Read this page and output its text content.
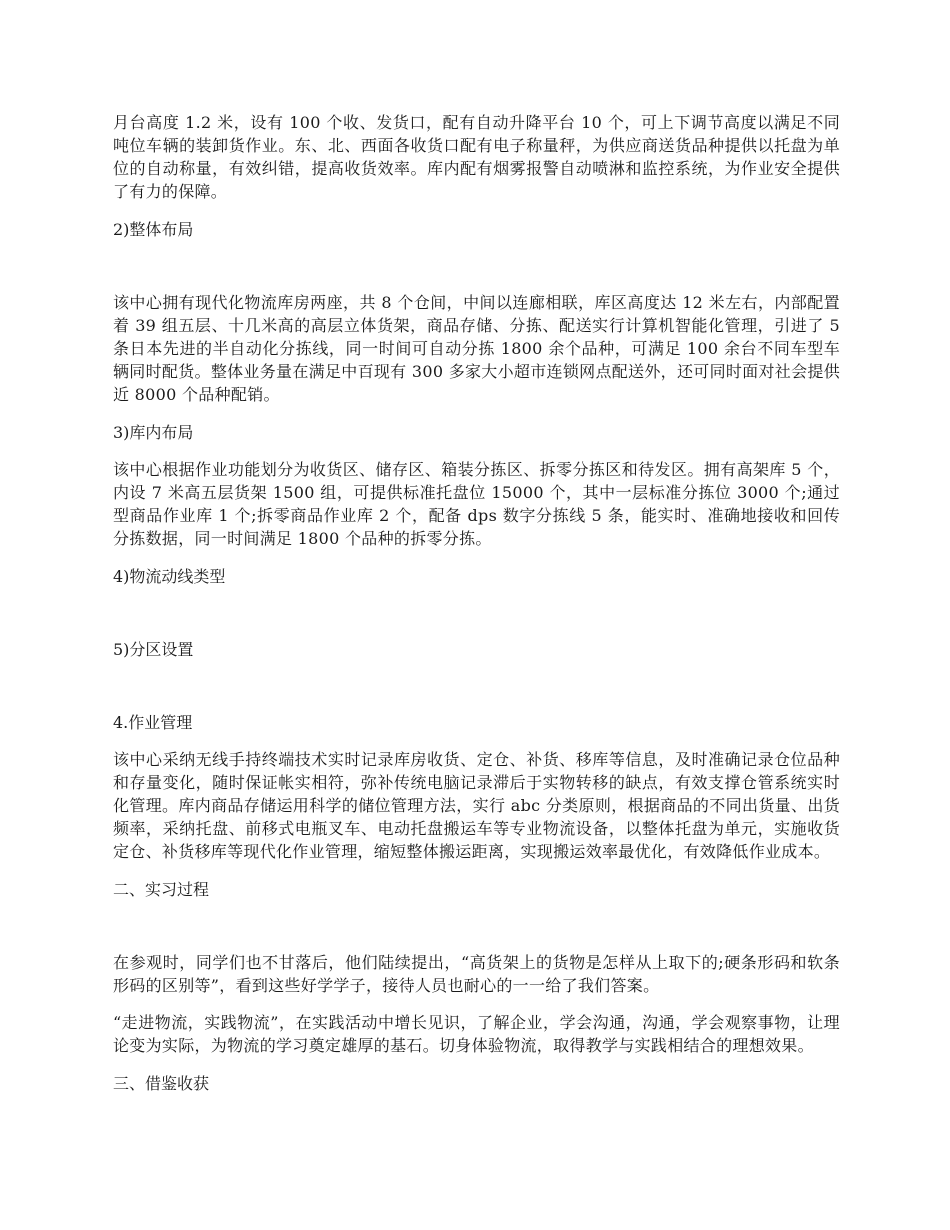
月台高度 1.2 米，设有 100 个收、发货口，配有自动升降平台 10 个，可上下调节高度以满足不同吨位车辆的装卸货作业。东、北、西面各收货口配有电子称量秤，为供应商送货品种提供以托盘为单位的自动称量，有效纠错，提高收货效率。库内配有烟雾报警自动喷淋和监控系统，为作业安全提供了有力的保障。

2)整体布局

该中心拥有现代化物流库房两座，共 8 个仓间，中间以连廊相联，库区高度达 12 米左右，内部配置着 39 组五层、十几米高的高层立体货架，商品存储、分拣、配送实行计算机智能化管理，引进了 5 条日本先进的半自动化分拣线，同一时间可自动分拣 1800 余个品种，可满足 100 余台不同车型车辆同时配货。整体业务量在满足中百现有 300 多家大小超市连锁网点配送外，还可同时面对社会提供近 8000 个品种配销。

3)库内布局

该中心根据作业功能划分为收货区、储存区、箱装分拣区、拆零分拣区和待发区。拥有高架库 5 个，内设 7 米高五层货架 1500 组，可提供标准托盘位 15000 个，其中一层标准分拣位 3000 个;通过型商品作业库 1 个;拆零商品作业库 2 个，配备 dps 数字分拣线 5 条，能实时、准确地接收和回传分拣数据，同一时间满足 1800 个品种的拆零分拣。

4)物流动线类型

5)分区设置

4.作业管理

该中心采纳无线手持终端技术实时记录库房收货、定仓、补货、移库等信息，及时准确记录仓位品种和存量变化，随时保证帐实相符，弥补传统电脑记录滞后于实物转移的缺点，有效支撑仓管系统实时化管理。库内商品存储运用科学的储位管理方法，实行 abc 分类原则，根据商品的不同出货量、出货频率，采纳托盘、前移式电瓶叉车、电动托盘搬运车等专业物流设备，以整体托盘为单元，实施收货定仓、补货移库等现代化作业管理，缩短整体搬运距离，实现搬运效率最优化，有效降低作业成本。

二、实习过程

在参观时，同学们也不甘落后，他们陆续提出，“高货架上的货物是怎样从上取下的;硬条形码和软条形码的区别等”，看到这些好学学子，接待人员也耐心的一一给了我们答案。

“走进物流，实践物流”，在实践活动中增长见识，了解企业，学会沟通，沟通，学会观察事物，让理论变为实际，为物流的学习奠定雄厚的基石。切身体验物流，取得教学与实践相结合的理想效果。

三、借鉴收获
